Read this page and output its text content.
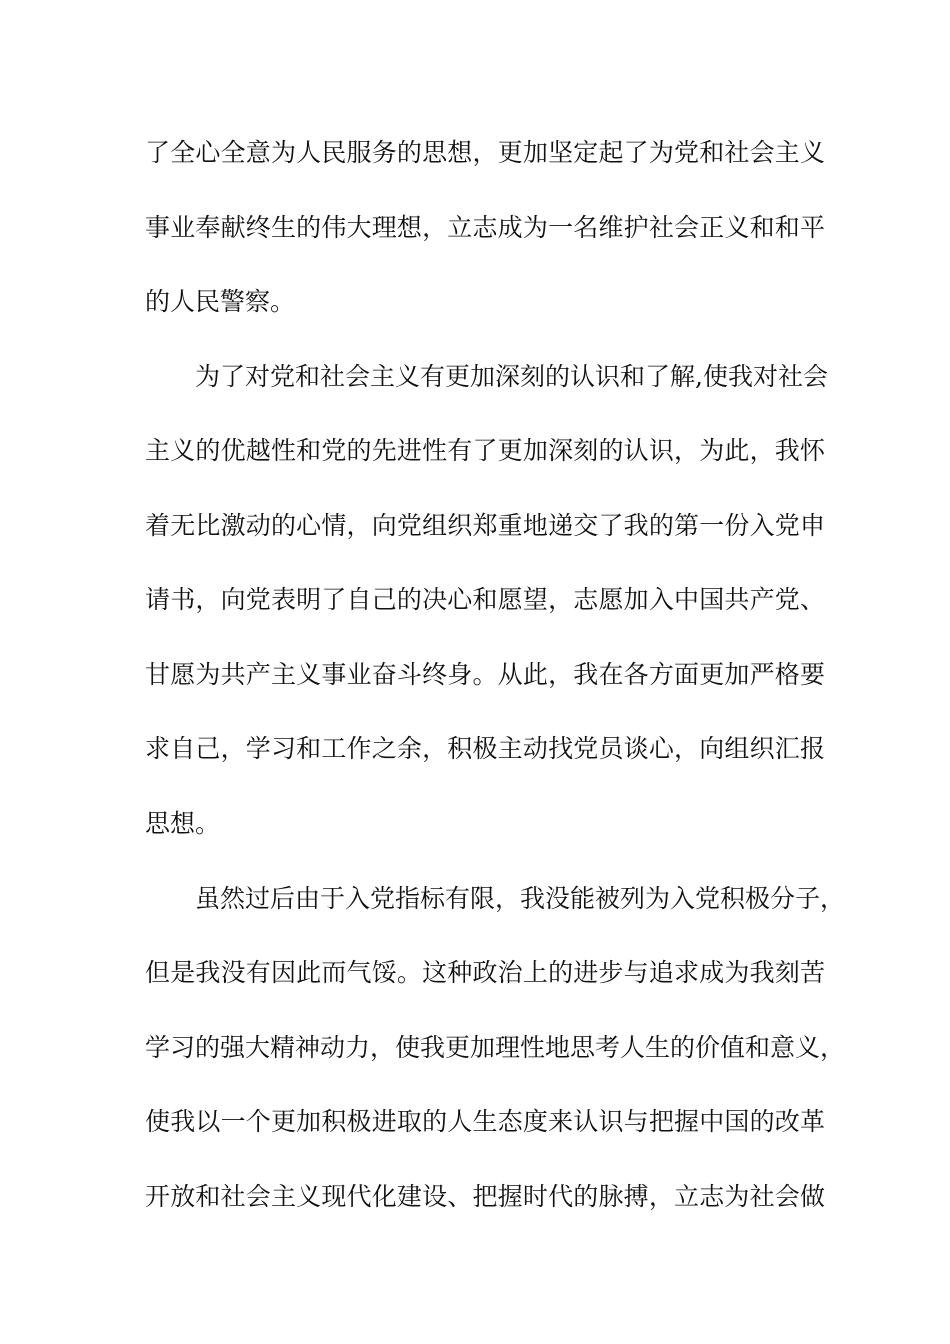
了全心全意为人民服务的思想，更加坚定起了为党和社会主义
事业奉献终生的伟大理想，立志成为一名维护社会正义和和平
的人民警察。
为了对党和社会主义有更加深刻的认识和了解,使我对社会
主义的优越性和党的先进性有了更加深刻的认识，为此，我怀
着无比激动的心情，向党组织郑重地递交了我的第一份入党申
请书，向党表明了自己的决心和愿望，志愿加入中国共产党、
甘愿为共产主义事业奋斗终身。从此，我在各方面更加严格要
求自己，学习和工作之余，积极主动找党员谈心，向组织汇报
思想。
虽然过后由于入党指标有限，我没能被列为入党积极分子，
但是我没有因此而气馁。这种政治上的进步与追求成为我刻苦
学习的强大精神动力，使我更加理性地思考人生的价值和意义，
使我以一个更加积极进取的人生态度来认识与把握中国的改革
开放和社会主义现代化建设、把握时代的脉搏，立志为社会做
